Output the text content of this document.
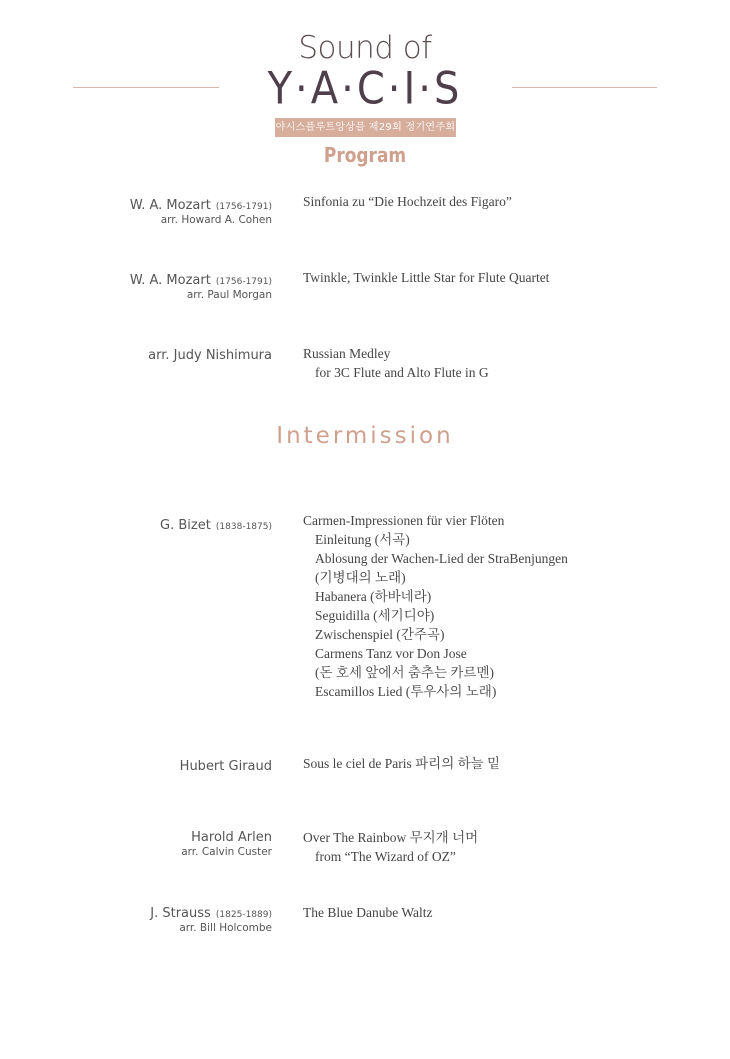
Sound of
Y·A·C·I·S
야시스플루트앙상블 제29회 정기연주회
Program
W. A. Mozart (1756-1791)
arr. Howard A. Cohen
Sinfonia zu “Die Hochzeit des Figaro”
W. A. Mozart (1756-1791)
arr. Paul Morgan
Twinkle, Twinkle Little Star for Flute Quartet
arr. Judy Nishimura Russian Medley
for 3C Flute and Alto Flute in G
Intermission
G. Bizet (1838-1875) Carmen-Impressionen für vier Flöten
Einleitung (서곡)
Ablosung der Wachen-Lied der StraBenjungen
(기병대의 노래)
Habanera (하바네라)
Seguidilla (세기디야)
Zwischenspiel (간주곡)
Carmens Tanz vor Don Jose
(돈 호세 앞에서 춤추는 카르멘)
Escamillos Lied (투우사의 노래)
Hubert Giraud Sous le ciel de Paris 파리의 하늘 밑
Harold Arlen
arr. Calvin Custer
Over The Rainbow 무지개 너머
from “The Wizard of OZ”
J. Strauss (1825-1889)
arr. Bill Holcombe
The Blue Danube Waltz
